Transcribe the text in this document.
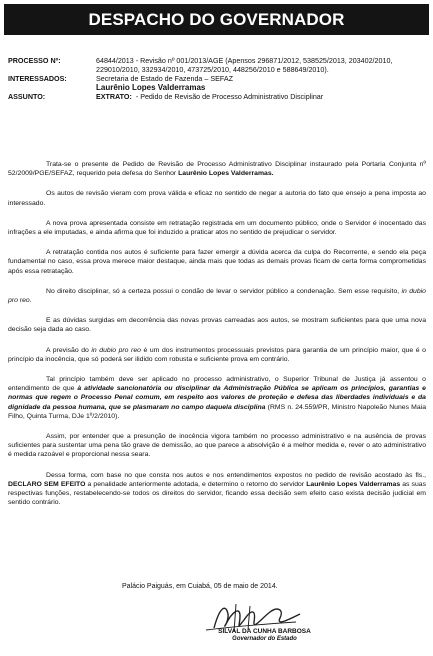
DESPACHO DO GOVERNADOR
PROCESSO Nº:	64844/2013 - Revisão nº 001/2013/AGE (Apensos 296871/2012, 538525/2013, 203402/2010, 229010/2010, 332934/2010, 473725/2010, 448256/2010 e 588649/2010).
INTERESSADOS:	Secretaria de Estado de Fazenda – SEFAZ
Laurênio Lopes Valderramas
ASSUNTO:	EXTRATO: - Pedido de Revisão de Processo Administrativo Disciplinar

Trata-se o presente de Pedido de Revisão de Processo Administrativo Disciplinar instaurado pela Portaria Conjunta nº 52/2009/PGE/SEFAZ, requerido pela defesa do Senhor Laurênio Lopes Valderramas.

Os autos de revisão vieram com prova válida e eficaz no sentido de negar a autoria do fato que ensejo a pena imposta ao interessado.

A nova prova apresentada consiste em retratação registrada em um documento público, onde o Servidor é inocentado das infrações a ele imputadas, e ainda afirma que foi induzido a praticar atos no sentido de prejudicar o servidor.

A retratação contida nos autos é suficiente para fazer emergir a dúvida acerca da culpa do Recorrente, e sendo ela peça fundamental no caso, essa prova merece maior destaque, ainda mais que todas as demais provas ficam de certa forma comprometidas após essa retratação.

No direito disciplinar, só a certeza possui o condão de levar o servidor público a condenação. Sem esse requisito, in dubio pro reo.

E as dúvidas surgidas em decorrência das novas provas carreadas aos autos, se mostram suficientes para que uma nova decisão seja dada ao caso.

A previsão do in dubio pro reo é um dos instrumentos processuais previstos para garantia de um princípio maior, que é o princípio da inocência, que só poderá ser ilidido com robusta e suficiente prova em contrário.

Tal princípio também deve ser aplicado no processo administrativo, o Superior Tribunal de Justiça já assentou o entendimento de que à atividade sancionatória ou disciplinar da Administração Pública se aplicam os princípios, garantias e normas que regem o Processo Penal comum, em respeito aos valores de proteção e defesa das liberdades individuais e da dignidade da pessoa humana, que se plasmaram no campo daquela disciplina (RMS n. 24.559/PR, Ministro Napoleão Nunes Maia Filho, Quinta Turma, DJe 1º/2/2010).

Assim, por entender que a presunção de inocência vigora também no processo administrativo e na ausência de provas suficientes para sustentar uma pena tão grave de demissão, ao que parece a absolvição é a melhor medida e, rever o ato administrativo é medida razoável e proporcional nessa seara.

Dessa forma, com base no que consta nos autos e nos entendimentos expostos no pedido de revisão acostado às fls., DECLARO SEM EFEITO a penalidade anteriormente adotada, e determino o retorno do servidor Laurênio Lopes Valderramas as suas respectivas funções, restabelecendo-se todos os direitos do servidor, ficando essa decisão sem efeito caso exista decisão judicial em sentido contrário.

Palácio Paiguás, em Cuiabá, 05 de maio de 2014.
SILVAL DA CUNHA BARBOSA
Governador do Estado
